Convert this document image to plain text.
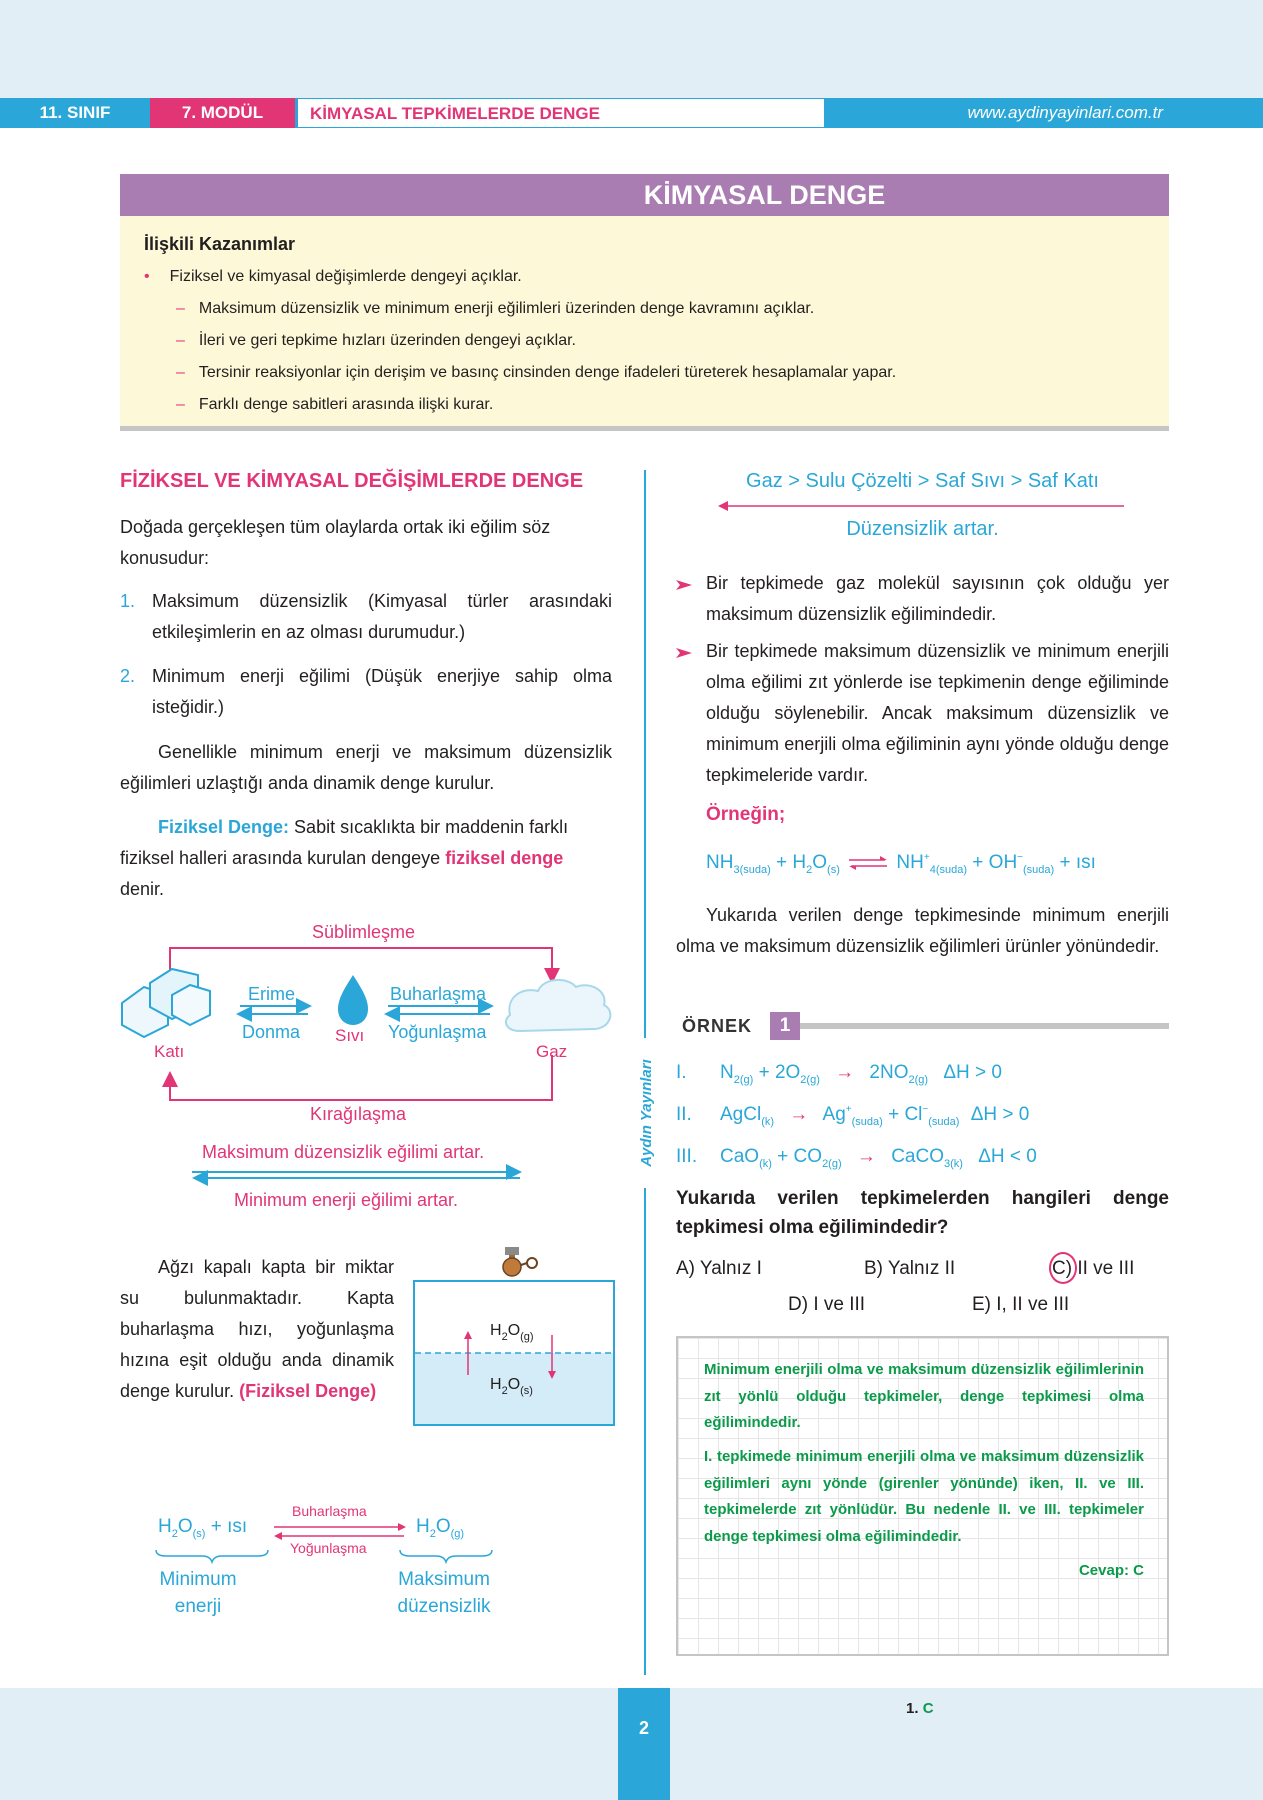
11. SINIF	7. MODÜL	KİMYASAL TEPKİMELERDE DENGE	www.aydinyayinlari.com.tr
KİMYASAL DENGE
İlişkili Kazanımlar
• Fiziksel ve kimyasal değişimlerde dengeyi açıklar.
– Maksimum düzensizlik ve minimum enerji eğilimleri üzerinden denge kavramını açıklar.
– İleri ve geri tepkime hızları üzerinden dengeyi açıklar.
– Tersinir reaksiyonlar için derişim ve basınç cinsinden denge ifadeleri türeterek hesaplamalar yapar.
– Farklı denge sabitleri arasında ilişki kurar.
Aydın Yayınları
FİZİKSEL VE KİMYASAL DEĞİŞİMLERDE DENGE
Doğada gerçekleşen tüm olaylarda ortak iki eğilim söz konusudur:
1. Maksimum düzensizlik (Kimyasal türler arasındaki etkileşimlerin en az olması durumudur.)
2. Minimum enerji eğilimi (Düşük enerjiye sahip olma isteğidir.)
Genellikle minimum enerji ve maksimum düzensizlik eğilimleri uzlaştığı anda dinamik denge kurulur.
Fiziksel Denge: Sabit sıcaklıkta bir maddenin farklı fiziksel halleri arasında kurulan dengeye fiziksel denge denir.
Süblimleşme
Erime
Donma Sıvı
Buharlaşma
Yoğunlaşma
Katı	Gaz
Kırağılaşma
Maksimum düzensizlik eğilimi artar.
Minimum enerji eğilimi artar.
Ağzı kapalı kapta bir miktar su bulunmaktadır. Kapta buharlaşma hızı, yoğunlaşma hızına eşit olduğu anda dinamik denge kurulur. (Fiziksel Denge)
$H_2O_{(g)}$
$H_2O_{(s)}$
$H_2O_{(s)}$ + ısı
Buharlaşma
Yoğunlaşma
$H_2O_{(g)}$
Minimum
enerji
Maksimum
düzensizlik
Gaz > Sulu Çözelti > Saf Sıvı > Saf Katı
Düzensizlik artar.
Bir tepkimede gaz molekül sayısının çok olduğu yer maksimum düzensizlik eğilimindedir.
Bir tepkimede maksimum düzensizlik ve minimum enerjili olma eğilimi zıt yönlerde ise tepkimenin denge eğiliminde olduğu söylenebilir. Ancak maksimum düzensizlik ve minimum enerjili olma eğiliminin aynı yönde olduğu denge tepkimeleride vardır.
Örneğin;
$NH_{3(suda)} + H_2O_{(s)}$ ⇌ $NH^+_{4(suda)} + OH^-_{(suda)}$ + ısı
Yukarıda verilen denge tepkimesinde minimum enerjili olma ve maksimum düzensizlik eğilimleri ürünler yönündedir.
ÖRNEK	1
I. $N_{2(g)} + 2O_{2(g)} \to 2NO_{2(g)}$ ΔH > 0
II. AgCl$_{(k)}$ → $Ag^+_{(suda)} + Cl^-_{(suda)}$ ΔH > 0
III. $CaO_{(k)} + CO_{2(g)}$ → CaCO$_{3(k)}$ ΔH < 0
Yukarıda verilen tepkimelerden hangileri denge tepkimesi olma eğilimindedir?
A) Yalnız I	B) Yalnız II	C) II ve III
D) I ve III	E) I, II ve III
Minimum enerjili olma ve maksimum düzensizlik eğilimlerinin zıt yönlü olduğu tepkimeler, denge tepkimesi olma eğilimindedir.
I. tepkimede minimum enerjili olma ve maksimum düzensizlik eğilimleri aynı yönde (girenler yönünde) iken, II. ve III. tepkimelerde zıt yönlüdür. Bu nedenle II. ve III. tepkimeler denge tepkimesi olma eğilimindedir.
Cevap: C
2
1. C
